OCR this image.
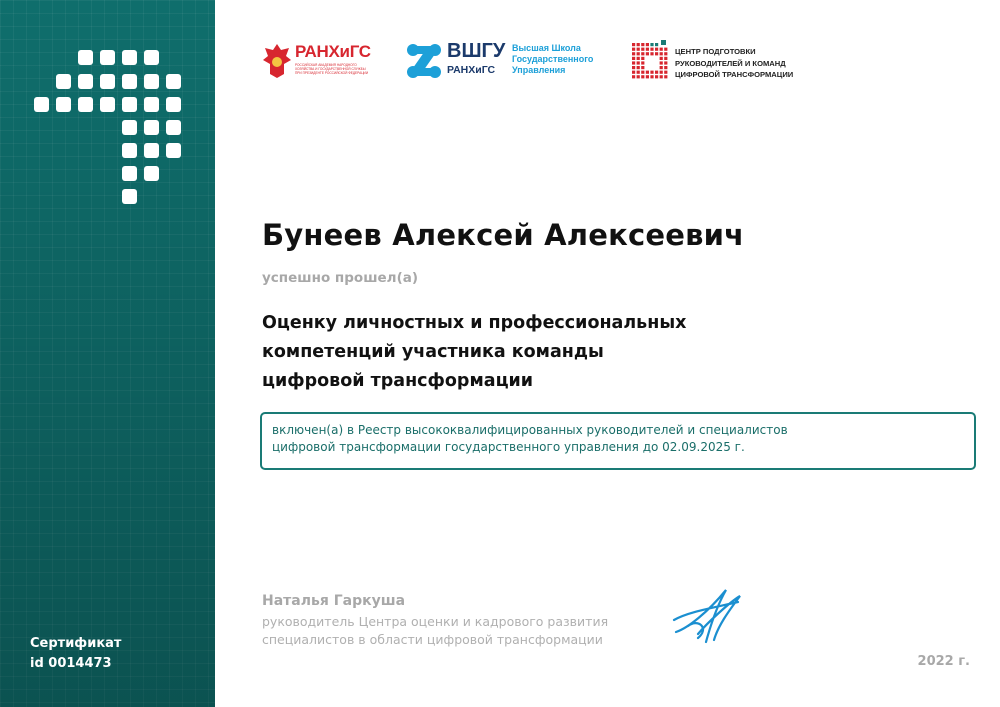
Сертификат
id 0014473
РАНХиГС
РОССИЙСКАЯ АКАДЕМИЯ НАРОДНОГО ХОЗЯЙСТВА И ГОСУДАРСТВЕННОЙ СЛУЖБЫ ПРИ ПРЕЗИДЕНТЕ РОССИЙСКОЙ ФЕДЕРАЦИИ
ВШГУ
РАНХиГС
Высшая Школа
Государственного
Управления
ЦЕНТР ПОДГОТОВКИ
РУКОВОДИТЕЛЕЙ И КОМАНД
ЦИФРОВОЙ ТРАНСФОРМАЦИИ
Бунеев Алексей Алексеевич
успешно прошел(а)
Оценку личностных и профессиональных
компетенций участника команды
цифровой трансформации
включен(а) в Реестр высококвалифицированных руководителей и специалистов
цифровой трансформации государственного управления до 02.09.2025 г.
Наталья Гаркуша
руководитель Центра оценки и кадрового развития
специалистов в области цифровой трансформации
2022 г.
